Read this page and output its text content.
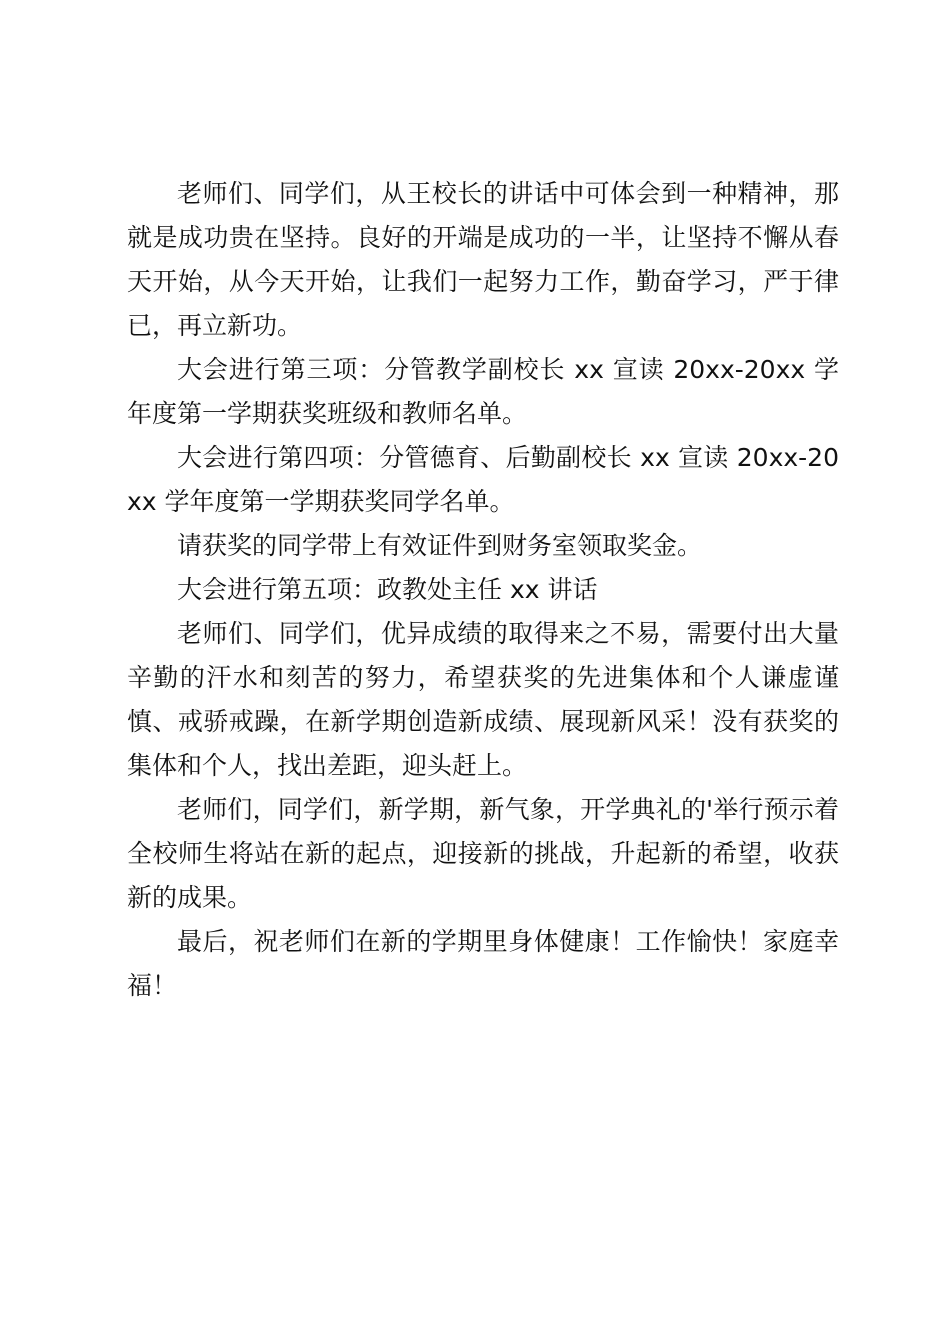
老师们、同学们，从王校长的讲话中可体会到一种精神，那就是成功贵在坚持。良好的开端是成功的一半，让坚持不懈从春天开始，从今天开始，让我们一起努力工作，勤奋学习，严于律已，再立新功。

大会进行第三项：分管教学副校长 xx 宣读 20xx-20xx 学年度第一学期获奖班级和教师名单。

大会进行第四项：分管德育、后勤副校长 xx 宣读 20xx-20xx 学年度第一学期获奖同学名单。

请获奖的同学带上有效证件到财务室领取奖金。

大会进行第五项：政教处主任 xx 讲话

老师们、同学们，优异成绩的取得来之不易，需要付出大量辛勤的汗水和刻苦的努力，希望获奖的先进集体和个人谦虚谨慎、戒骄戒躁，在新学期创造新成绩、展现新风采！没有获奖的集体和个人，找出差距，迎头赶上。

老师们，同学们，新学期，新气象，开学典礼的'举行预示着全校师生将站在新的起点，迎接新的挑战，升起新的希望，收获新的成果。

最后，祝老师们在新的学期里身体健康！工作愉快！家庭幸福！
